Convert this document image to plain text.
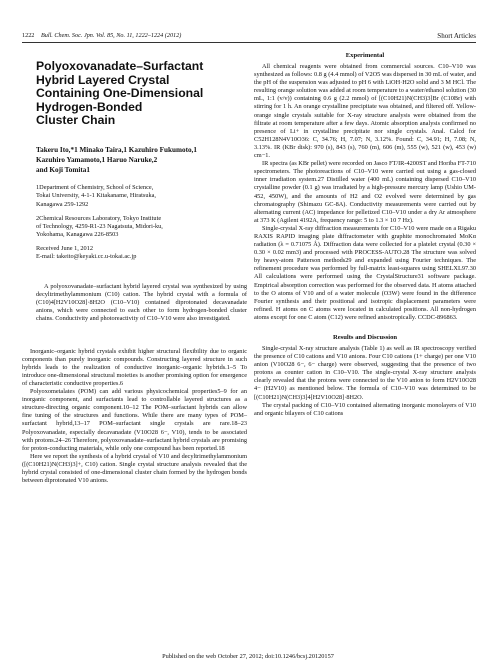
1222 Bull. Chem. Soc. Jpn. Vol. 85, No. 11, 1222–1224 (2012)	Short Articles
Polyoxovanadate–Surfactant
Hybrid Layered Crystal
Containing One-Dimensional
Hydrogen-Bonded
Cluster Chain
Takeru Ito,*1 Minako Taira,1 Kazuhiro Fukumoto,1
Kazuhiro Yamamoto,1 Haruo Naruke,2
and Koji Tomita1

1Department of Chemistry, School of Science,
Tokai University, 4-1-1 Kitakaname, Hiratsuka,
Kanagawa 259-1292

2Chemical Resources Laboratory, Tokyo Institute
of Technology, 4259-R1-23 Nagatsuta, Midori-ku,
Yokohama, Kanagawa 226-8503

Received June 1, 2012
E-mail: takeito@keyaki.cc.u-tokai.ac.jp
A polyoxovanadate–surfactant hybrid layered crystal was synthesized by using decyltrimethylammonium (C10) cation. The hybrid crystal with a formula of (C10)4[H2V10O28]·8H2O (C10–V10) contained diprotonated decavanadate anions, which were connected to each other to form hydrogen-bonded cluster chains. Conductivity and photoreactivity of C10–V10 were also investigated.

Inorganic–organic hybrid crystals exhibit higher structural flexibility due to organic components than purely inorganic compounds. Constructing layered structure in such hybrids leads to the realization of conductive inorganic–organic hybrids.1–5 To introduce one-dimensional structural moieties is another promising option for emergence of characteristic conductive properties.6

Polyoxometalates (POM) can add various physicochemical properties5–9 for an inorganic component, and surfactants lead to controllable layered structures as a structure-directing organic component.10–12 The POM–surfactant hybrids can allow fine tuning of the structures and functions. While there are many types of POM–surfactant hybrid,13–17 POM–surfactant single crystals are rare.18–23 Polyoxovanadate, especially decavanadate (V10O28 6−, V10), tends to be associated with protons.24–26 Therefore, polyoxovanadate–surfactant hybrid crystals are promising for proton-conducting materials, while only one compound has been reported.18

Here we report the synthesis of a hybrid crystal of V10 and decyltrimethylammonium ([(C10H21)N(CH3)3]+, C10) cation. Single crystal structure analysis revealed that the hybrid crystal consisted of one-dimensional cluster chain formed by the hydrogen bonds between diprotonated V10 anions.

Experimental

All chemical reagents were obtained from commercial sources. C10–V10 was synthesized as follows: 0.8 g (4.4 mmol) of V2O5 was dispersed in 30 mL of water, and the pH of the suspension was adjusted to pH 6 with LiOH·H2O solid and 3 M HCl. The resulting orange solution was added at room temperature to a water/ethanol solution (30 mL, 1:1 (v/v)) containing 0.6 g (2.2 mmol) of [(C10H21)N(CH3)3]Br (C10Br) with stirring for 1 h. An orange crystalline precipitate was obtained, and filtered off. Yellow-orange single crystals suitable for X-ray structure analysis were obtained from the filtrate at room temperature after a few days. Atomic absorption analysis confirmed no presence of Li+ in crystalline precipitate nor single crystals. Anal. Calcd for C52H128N4V10O36: C, 34.76; H, 7.07; N, 3.12%. Found: C, 34.91; H, 7.08; N, 3.13%. IR (KBr disk): 970 (s), 843 (s), 760 (m), 606 (m), 555 (w), 521 (w), 453 (w) cm−1.

IR spectra (as KBr pellet) were recorded on Jasco FT/IR-4200ST and Horiba FT-710 spectrometers. The photoreactions of C10–V10 were carried out using a gas-closed inner irradiation system.27 Distilled water (400 mL) containing dispersed C10–V10 crystalline powder (0.1 g) was irradiated by a high-pressure mercury lamp (Ushio UM-452, 450W), and the amounts of H2 and O2 evolved were determined by gas chromatography (Shimazu GC-8A). Conductivity measurements were carried out by alternating current (AC) impedance for pelletized C10–V10 under a dry Ar atmosphere at 373 K (Agilent 4192A, frequency range: 5 to 1.3 × 10 7 Hz).

Single-crystal X-ray diffraction measurements for C10–V10 were made on a Rigaku RAXIS RAPID imaging plate diffractometer with graphite monochromated MoKα radiation (λ = 0.71075 Å). Diffraction data were collected for a platelet crystal (0.30 × 0.30 × 0.02 mm3) and processed with PROCESS-AUTO.28 The structure was solved by heavy-atom Patterson methods29 and expanded using Fourier techniques. The refinement procedure was performed by full-matrix least-squares using SHELXL97.30 All calculations were performed using the CrystalStructure31 software package. Empirical absorption correction was performed for the observed data. H atoms attached to the O atoms of V10 and of a water molecule (O3W) were found in the difference Fourier synthesis and their positional and isotropic displacement parameters were refined. H atoms on C atoms were located in calculated positions. All non-hydrogen atoms except for one C atom (C12) were refined anisotropically. CCDC-896863.

Results and Discussion

Single-crystal X-ray structure analysis (Table 1) as well as IR spectroscopy verified the presence of C10 cations and V10 anions. Four C10 cations (1+ charge) per one V10 anion (V10O28 6−, 6− charge) were observed, suggesting that the presence of two protons as counter cation in C10–V10. The single-crystal X-ray structure analysis clearly revealed that the protons were connected to the V10 anion to form H2V10O28 4− (H2V10) as mentioned below. The formula of C10–V10 was determined to be [(C10H21)N(CH3)3]4[H2V10O28]·8H2O.

The crystal packing of C10–V10 contained alternating inorganic monolayers of V10 and organic bilayers of C10 cations

Published on the web October 27, 2012; doi:10.1246/bcsj.20120157
